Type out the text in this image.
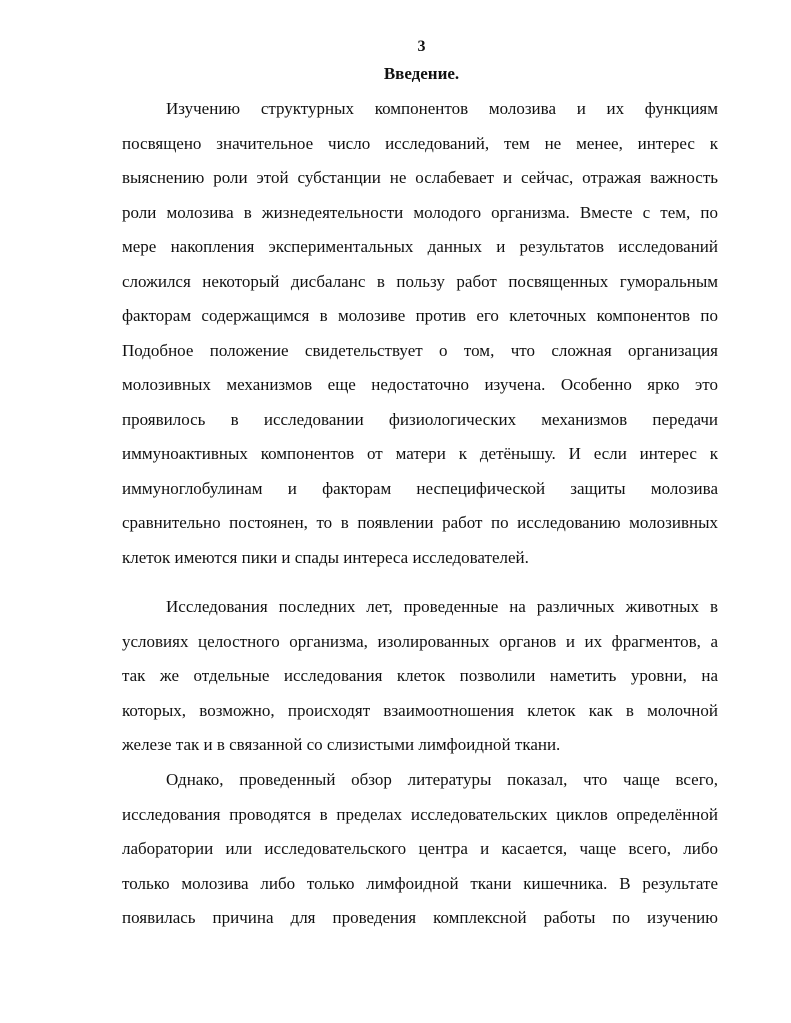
3
Введение.
Изучению структурных компонентов молозива и их функциям
посвящено значительное число исследований, тем не менее, интерес к
выяснению роли этой субстанции не ослабевает и сейчас, отражая важность
роли молозива в жизнедеятельности молодого организма. Вместе с тем, по
мере накопления экспериментальных данных и результатов исследований
сложился некоторый дисбаланс в пользу работ посвященных гуморальным
факторам содержащимся в молозиве против его клеточных компонентов по
Подобное положение свидетельствует о том, что сложная организация
молозивных механизмов еще недостаточно изучена. Особенно ярко это
проявилось в исследовании физиологических механизмов передачи
иммуноактивных компонентов от матери к детёнышу. И если интерес к
иммуноглобулинам и факторам неспецифической защиты молозива
сравнительно постоянен, то в появлении работ по исследованию молозивных
клеток имеются пики и спады интереса исследователей.
Исследования последних лет, проведенные на различных животных в
условиях целостного организма, изолированных органов и их фрагментов, а
так же отдельные исследования клеток позволили наметить уровни, на
которых, возможно, происходят взаимоотношения клеток как в молочной
железе так и в связанной со слизистыми лимфоидной ткани.
Однако, проведенный обзор литературы показал, что чаще всего,
исследования проводятся в пределах исследовательских циклов определённой
лаборатории или исследовательского центра и касается, чаще всего, либо
только молозива либо только лимфоидной ткани кишечника. В результате
появилась причина для проведения комплексной работы по изучению
